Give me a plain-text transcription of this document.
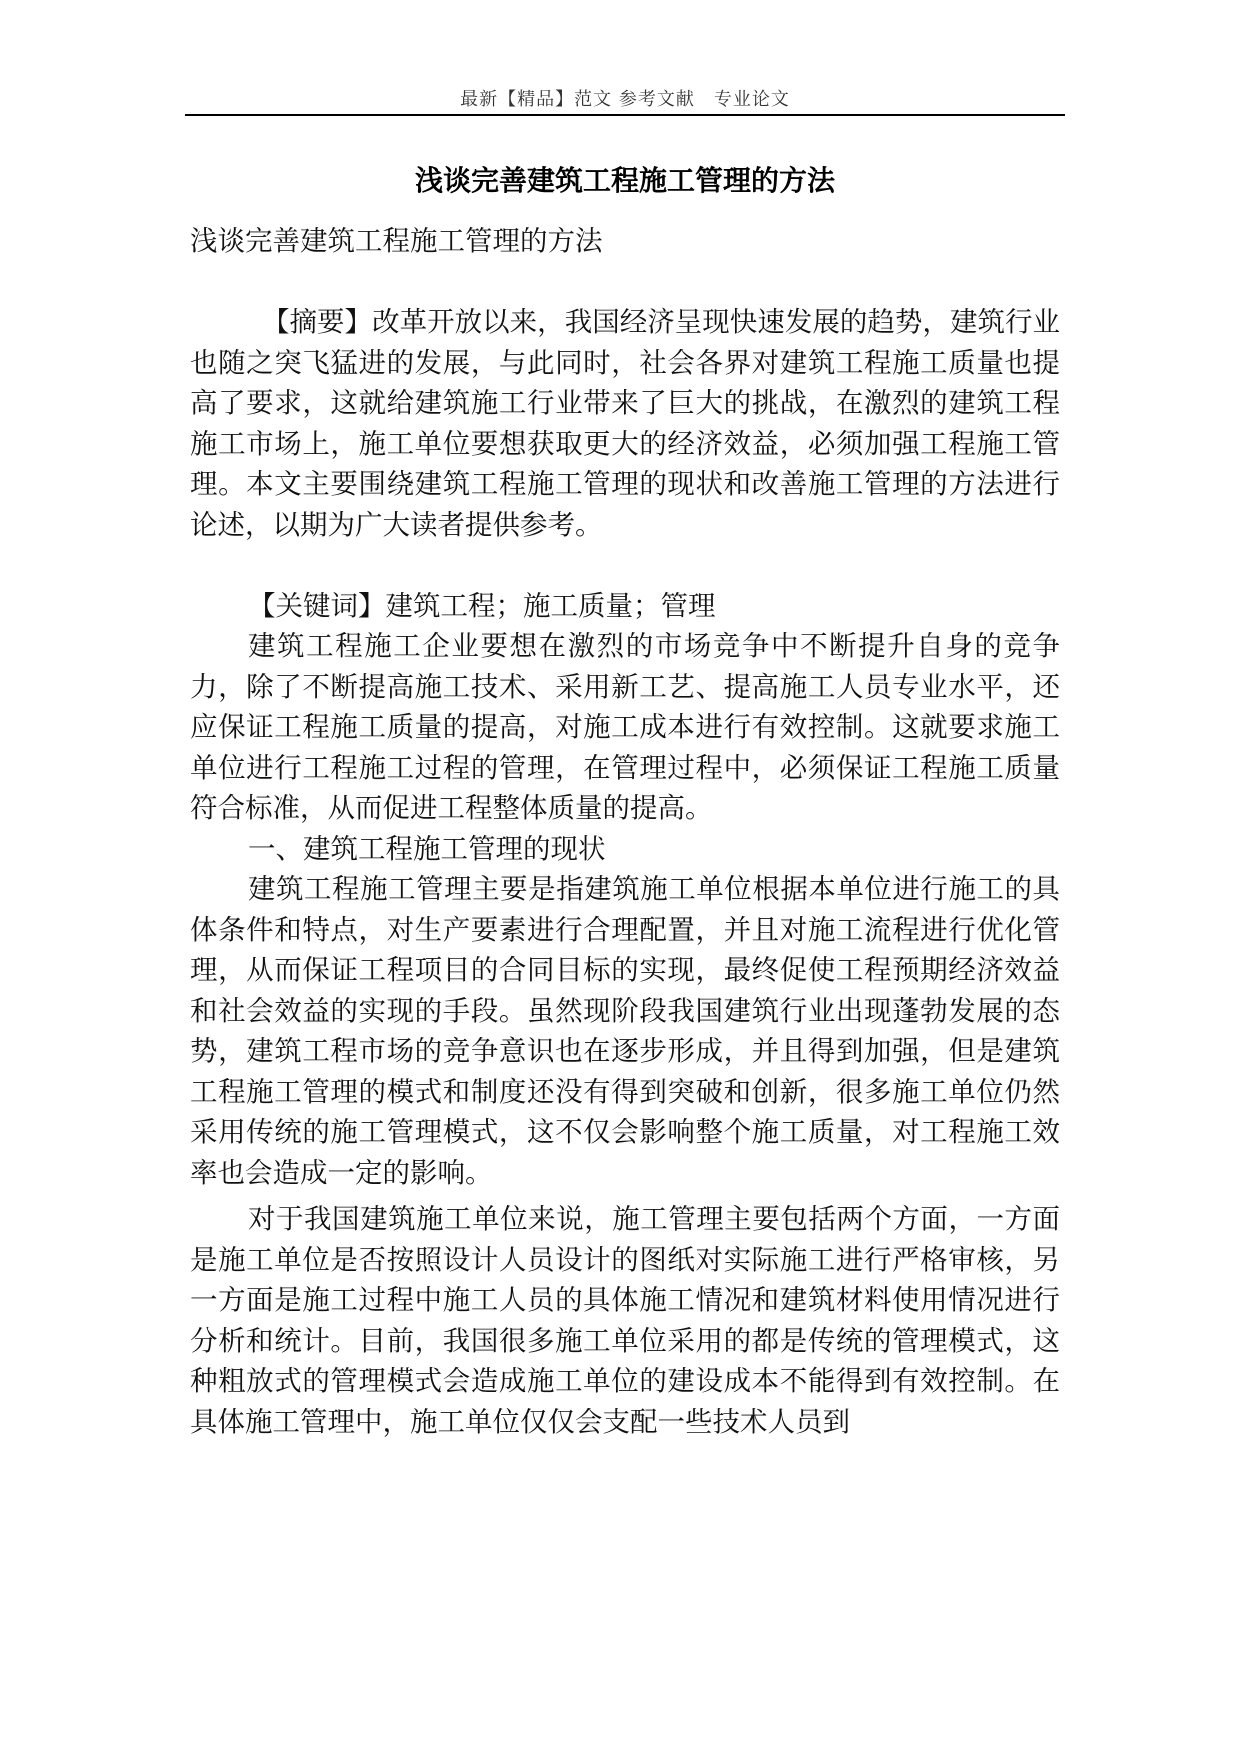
最新【精品】范文 参考文献　专业论文
浅谈完善建筑工程施工管理的方法

浅谈完善建筑工程施工管理的方法

【摘要】改革开放以来，我国经济呈现快速发展的趋势，建筑行业也随之突飞猛进的发展，与此同时，社会各界对建筑工程施工质量也提高了要求，这就给建筑施工行业带来了巨大的挑战，在激烈的建筑工程施工市场上，施工单位要想获取更大的经济效益，必须加强工程施工管理。本文主要围绕建筑工程施工管理的现状和改善施工管理的方法进行论述，以期为广大读者提供参考。

【关键词】建筑工程；施工质量；管理

建筑工程施工企业要想在激烈的市场竞争中不断提升自身的竞争力，除了不断提高施工技术、采用新工艺、提高施工人员专业水平，还应保证工程施工质量的提高，对施工成本进行有效控制。这就要求施工单位进行工程施工过程的管理，在管理过程中，必须保证工程施工质量符合标准，从而促进工程整体质量的提高。

一、建筑工程施工管理的现状

建筑工程施工管理主要是指建筑施工单位根据本单位进行施工的具体条件和特点，对生产要素进行合理配置，并且对施工流程进行优化管理，从而保证工程项目的合同目标的实现，最终促使工程预期经济效益和社会效益的实现的手段。虽然现阶段我国建筑行业出现蓬勃发展的态势，建筑工程市场的竞争意识也在逐步形成，并且得到加强，但是建筑工程施工管理的模式和制度还没有得到突破和创新，很多施工单位仍然采用传统的施工管理模式，这不仅会影响整个施工质量，对工程施工效率也会造成一定的影响。

对于我国建筑施工单位来说，施工管理主要包括两个方面，一方面是施工单位是否按照设计人员设计的图纸对实际施工进行严格审核，另一方面是施工过程中施工人员的具体施工情况和建筑材料使用情况进行分析和统计。目前，我国很多施工单位采用的都是传统的管理模式，这种粗放式的管理模式会造成施工单位的建设成本不能得到有效控制。在具体施工管理中，施工单位仅仅会支配一些技术人员到
